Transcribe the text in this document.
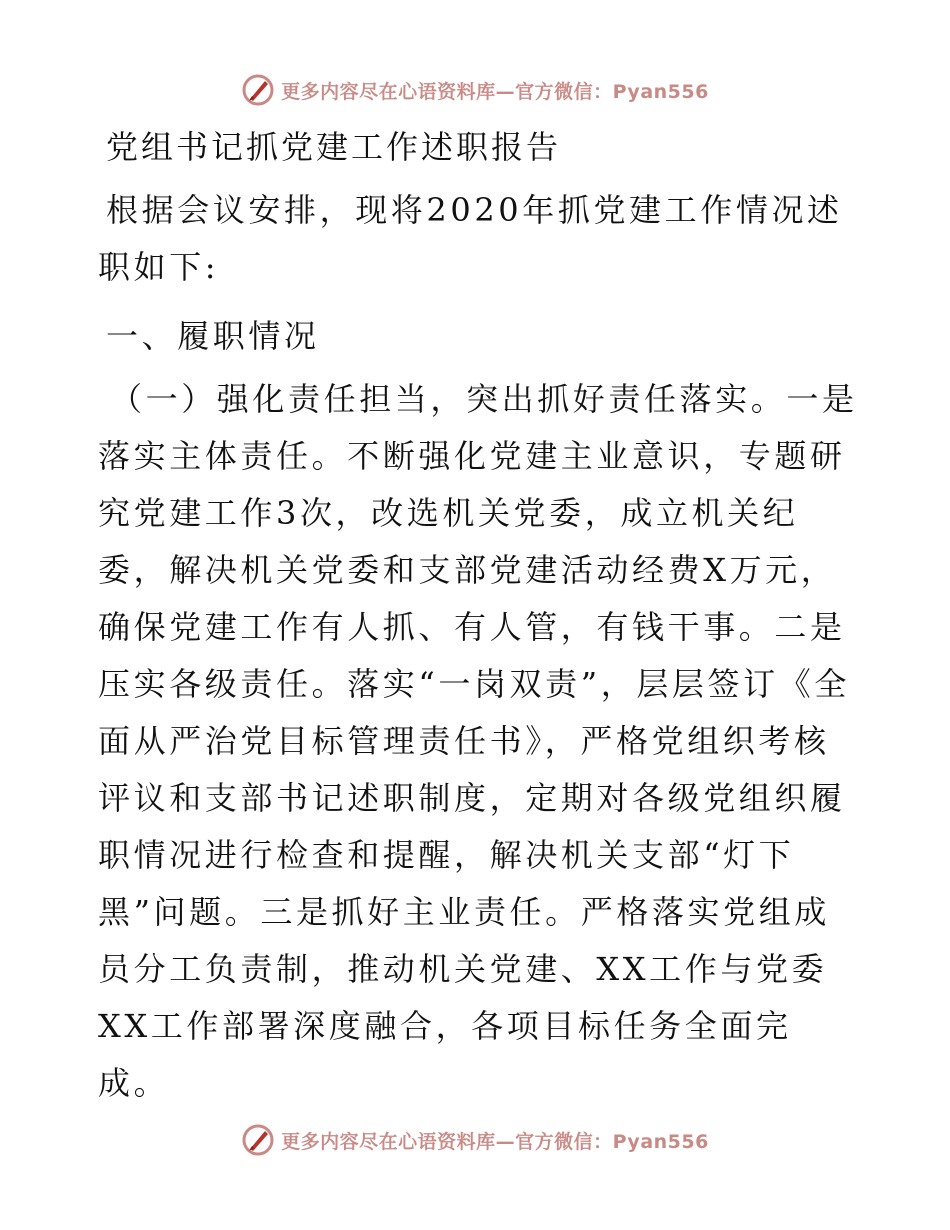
更多内容尽在心语资料库—官方微信：Pyan556

党组书记抓党建工作述职报告

根据会议安排，现将2020年抓党建工作情况述职如下:

一、履职情况

（一）强化责任担当，突出抓好责任落实。一是落实主体责任。不断强化党建主业意识，专题研究党建工作3次，改选机关党委，成立机关纪委，解决机关党委和支部党建活动经费X万元，确保党建工作有人抓、有人管，有钱干事。二是压实各级责任。落实“一岗双责”，层层签订《全面从严治党目标管理责任书》，严格党组织考核评议和支部书记述职制度，定期对各级党组织履职情况进行检查和提醒，解决机关支部“灯下黑”问题。三是抓好主业责任。严格落实党组成员分工负责制，推动机关党建、XX工作与党委XX工作部署深度融合，各项目标任务全面完成。

更多内容尽在心语资料库—官方微信：Pyan556
